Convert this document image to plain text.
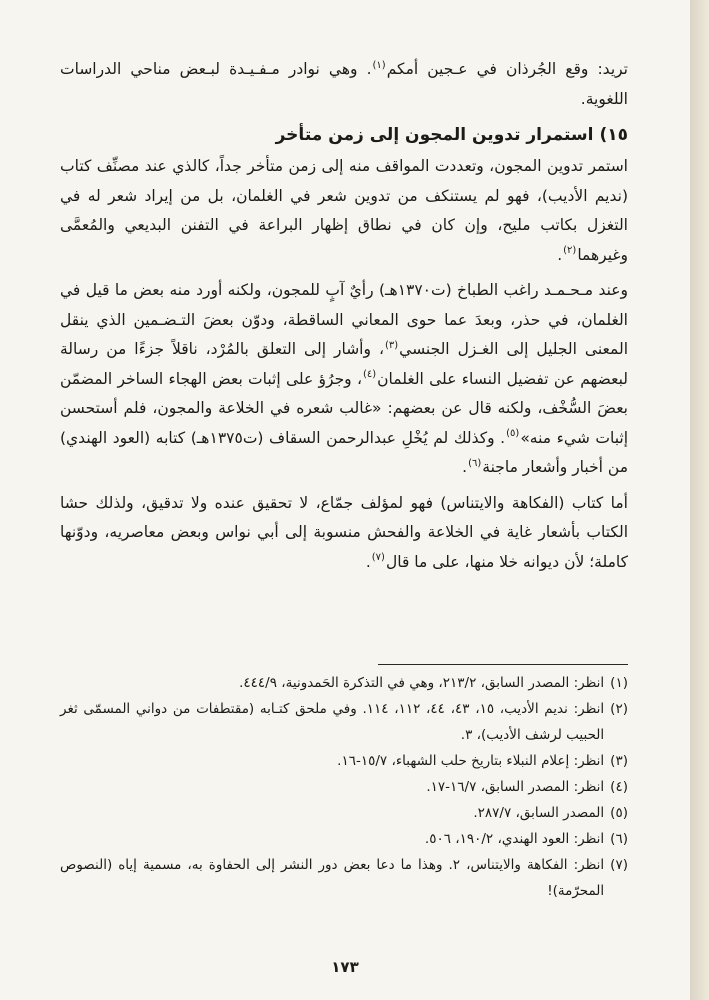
تريد: وقع الجُرذان في عـجين أمكم$^{(١)}$. وهي نوادر مـفـيـدة لبـعض مناحي الدراسات اللغوية.

١٥)استمرار تدوين المجون إلى زمن متأخر

استمر تدوين المجون، وتعددت المواقف منه إلى زمن متأخر جداً، كالذي عند مصنِّف كتاب (نديم الأديب)، فهو لم يستنكف من تدوين شعر في الغلمان، بل من إيراد شعر له في التغزل بكاتب مليح، وإن كان في نطاق إظهار البراعة في التفنن البديعي والمُعمَّى وغيرهما$^{(٢)}$.

وعند مـحـمـد راغب الطباخ (ت١٣٧٠هـ) رأيٌ آبٍ للمجون، ولكنه أورد منه بعض ما قيل في الغلمان، في حذر، وبعدَ عما حوى المعاني الساقطة، ودوّن بعضَ التـضـمين الذي ينقل المعنى الجليل إلى الغـزل الجنسي$^{(٣)}$، وأشار إلى التعلق بالمُرْد، ناقلاً جزءًا من رسالة لبعضهم عن تفضيل النساء على الغلمان$^{(٤)}$، وجرُؤ على إثبات بعض الهجاء الساخر المضمّن بعضَ السُّخْف، ولكنه قال عن بعضهم: «غالب شعره في الخلاعة والمجون، فلم أستحسن إثبات شيء منه»$^{(٥)}$. وكذلك لم يُخْلِ عبدالرحمن السقاف (ت١٣٧٥هـ) كتابه (العود الهندي) من أخبار وأشعار ماجنة$^{(٦)}$.

أما كتاب (الفكاهة والايتناس) فهو لمؤلف جمّاع، لا تحقيق عنده ولا تدقيق، ولذلك حشا الكتاب بأشعار غاية في الخلاعة والفحش منسوبة إلى أبي نواس وبعض معاصريه، ودوّنها كاملة؛ لأن ديوانه خلا منها، على ما قال$^{(٧)}$.

(١)
انظر: المصدر السابق، ٢١٣/٢، وهي في التذكرة الحَمدونية، ٤٤٤/٩.
(٢)
انظر: نديم الأديب، ١٥، ٤٣، ٤٤، ١١٢، ١١٤. وفي ملحق كتـابه (مقتطفات من دواني المسمّى ثغر الحبيب لرشف الأديب)، ٣.
(٣)
انظر: إعلام النبلاء بتاريخ حلب الشهباء، ١٥/٧-١٦.
(٤)
انظر: المصدر السابق، ١٦/٧-١٧.
(٥)
المصدر السابق، ٢٨٧/٧.
(٦)
انظر: العود الهندي، ١٩٠/٢، ٥٠٦.
(٧)
انظر: الفكاهة والايتناس، ٢. وهذا ما دعا بعض دور النشر إلى الحفاوة به، مسمية إياه (النصوص المحرّمة)!
١٧٣
